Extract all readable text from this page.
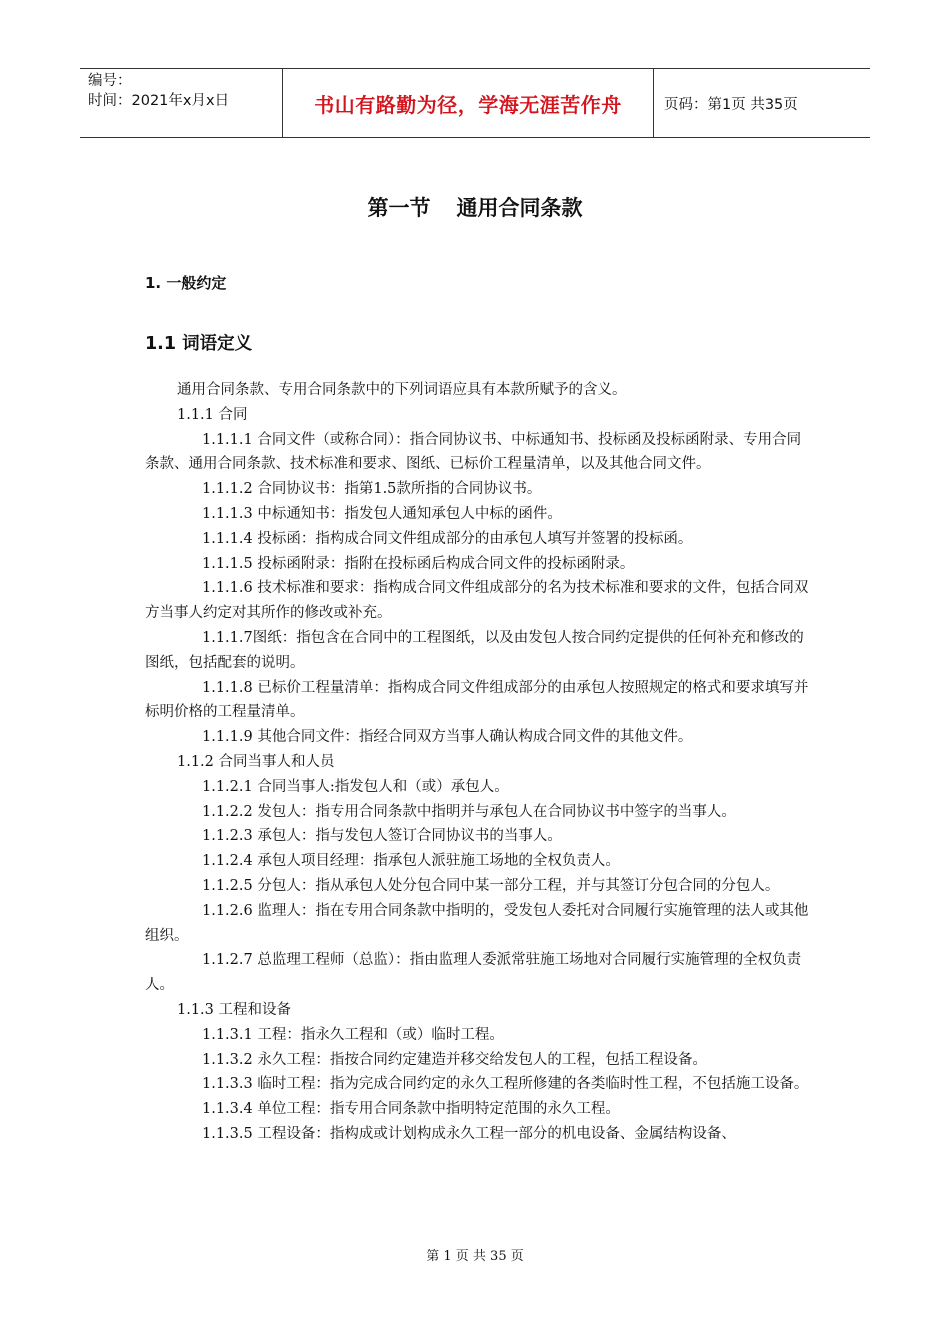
编号：
时间：2021年x月x日	书山有路勤为径，学海无涯苦作舟	页码：第1页 共35页
第一节 通用合同条款
1. 一般约定
1.1 词语定义

通用合同条款、专用合同条款中的下列词语应具有本款所赋予的含义。

1.1.1 合同

1.1.1.1 合同文件（或称合同）：指合同协议书、中标通知书、投标函及投标函附录、专用合同条款、通用合同条款、技术标准和要求、图纸、已标价工程量清单，以及其他合同文件。

1.1.1.2 合同协议书：指第1.5款所指的合同协议书。

1.1.1.3 中标通知书：指发包人通知承包人中标的函件。

1.1.1.4 投标函：指构成合同文件组成部分的由承包人填写并签署的投标函。

1.1.1.5 投标函附录：指附在投标函后构成合同文件的投标函附录。

1.1.1.6 技术标准和要求：指构成合同文件组成部分的名为技术标准和要求的文件，包括合同双方当事人约定对其所作的修改或补充。

1.1.1.7图纸：指包含在合同中的工程图纸，以及由发包人按合同约定提供的任何补充和修改的图纸，包括配套的说明。

1.1.1.8 已标价工程量清单：指构成合同文件组成部分的由承包人按照规定的格式和要求填写并标明价格的工程量清单。

1.1.1.9 其他合同文件：指经合同双方当事人确认构成合同文件的其他文件。

1.1.2 合同当事人和人员

1.1.2.1 合同当事人:指发包人和（或）承包人。

1.1.2.2 发包人：指专用合同条款中指明并与承包人在合同协议书中签字的当事人。

1.1.2.3 承包人：指与发包人签订合同协议书的当事人。

1.1.2.4 承包人项目经理：指承包人派驻施工场地的全权负责人。

1.1.2.5 分包人：指从承包人处分包合同中某一部分工程，并与其签订分包合同的分包人。

1.1.2.6 监理人：指在专用合同条款中指明的，受发包人委托对合同履行实施管理的法人或其他组织。

1.1.2.7 总监理工程师（总监）：指由监理人委派常驻施工场地对合同履行实施管理的全权负责人。

1.1.3 工程和设备

1.1.3.1 工程：指永久工程和（或）临时工程。

1.1.3.2 永久工程：指按合同约定建造并移交给发包人的工程，包括工程设备。

1.1.3.3 临时工程：指为完成合同约定的永久工程所修建的各类临时性工程，不包括施工设备。

1.1.3.4 单位工程：指专用合同条款中指明特定范围的永久工程。

1.1.3.5 工程设备：指构成或计划构成永久工程一部分的机电设备、金属结构设备、

第 1 页 共 35 页
